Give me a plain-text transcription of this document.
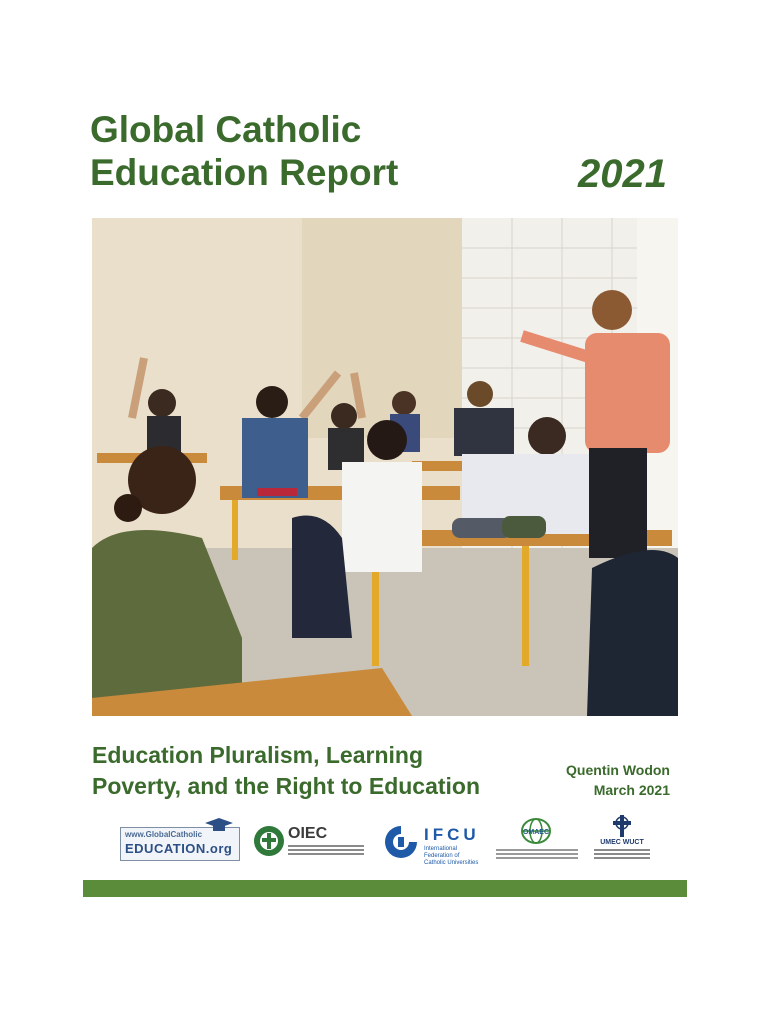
Global Catholic
Education Report	2021
Education Pluralism, Learning
Poverty, and the Right to Education
Quentin Wodon
March 2021
www.GlobalCatholic
EDUCATION.org
OIEC	IFCU
International Federation of Catholic Universities
OMAEC
UMEC WUCT
